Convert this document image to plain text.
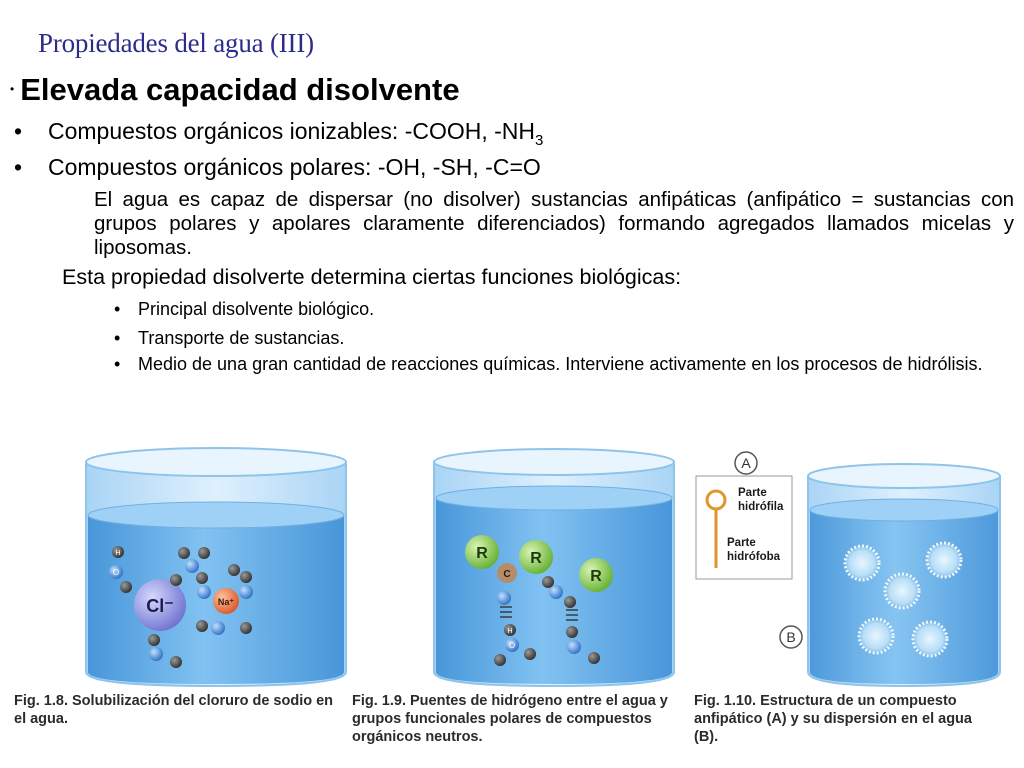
Propiedades del agua (III)
• Elevada capacidad disolvente
• Compuestos orgánicos ionizables: -COOH, $-NH_3$
• Compuestos orgánicos polares: -OH, -SH, -C=O
El agua es capaz de dispersar (no disolver) sustancias anfipáticas (anfipático = sustancias con grupos polares y apolares claramente diferenciados) formando agregados llamados micelas y liposomas.
Esta propiedad disolverte determina ciertas funciones biológicas:
• Principal disolvente biológico.
• Transporte de sustancias.
• Medio de una gran cantidad de reacciones químicas. Interviene activamente en los procesos de hidrólisis.
Cl⁻	Na⁺
O
H	R	R
R
C
O
H
A
B
Parte hidrófila
Parte hidrófoba
Fig. 1.8. Solubilización del cloruro de sodio en el agua.
Fig. 1.9. Puentes de hidrógeno entre el agua y grupos funcionales polares de compuestos orgánicos neutros.
Fig. 1.10. Estructura de un compuesto anfipático (A) y su dispersión en el agua (B).
